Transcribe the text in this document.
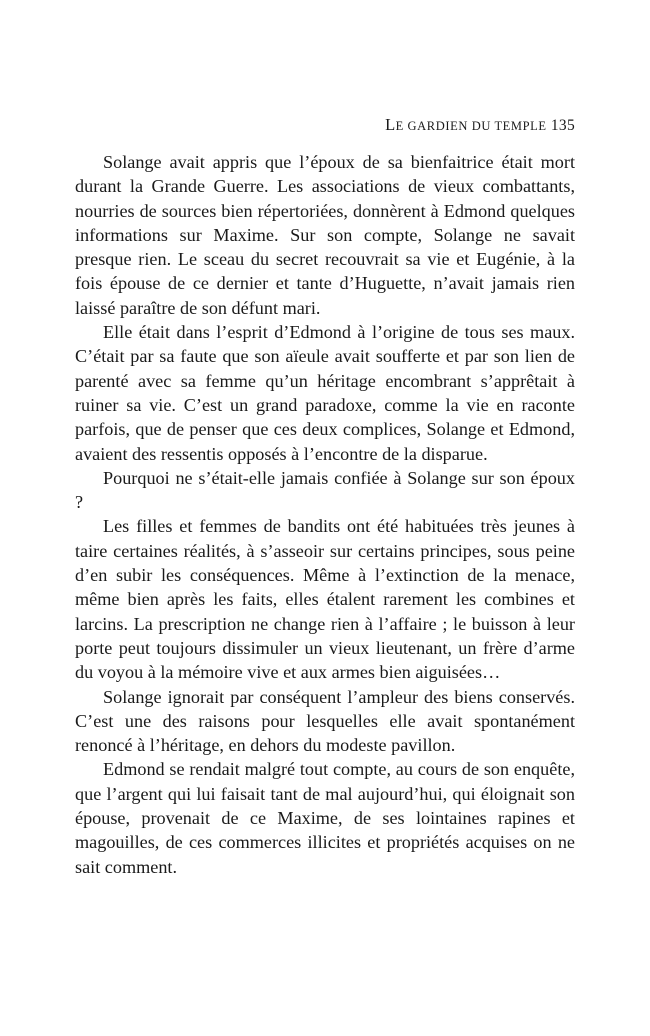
LE GARDIEN DU TEMPLE 135

Solange avait appris que l’époux de sa bienfaitrice était mort durant la Grande Guerre. Les associations de vieux combattants, nourries de sources bien répertoriées, donnèrent à Edmond quelques informations sur Maxime. Sur son compte, Solange ne savait presque rien. Le sceau du secret recouvrait sa vie et Eugénie, à la fois épouse de ce dernier et tante d’Huguette, n’avait jamais rien laissé paraître de son défunt mari.

Elle était dans l’esprit d’Edmond à l’origine de tous ses maux. C’était par sa faute que son aïeule avait soufferte et par son lien de parenté avec sa femme qu’un héritage encombrant s’apprêtait à ruiner sa vie. C’est un grand paradoxe, comme la vie en raconte parfois, que de penser que ces deux complices, Solange et Edmond, avaient des ressentis opposés à l’encontre de la disparue.

Pourquoi ne s’était-elle jamais confiée à Solange sur son époux ?

Les filles et femmes de bandits ont été habituées très jeunes à taire certaines réalités, à s’asseoir sur certains principes, sous peine d’en subir les conséquences. Même à l’extinction de la menace, même bien après les faits, elles étalent rarement les combines et larcins. La prescription ne change rien à l’affaire ; le buisson à leur porte peut toujours dissimuler un vieux lieutenant, un frère d’arme du voyou à la mémoire vive et aux armes bien aiguisées…

Solange ignorait par conséquent l’ampleur des biens conservés. C’est une des raisons pour lesquelles elle avait spontanément renoncé à l’héritage, en dehors du modeste pavillon.

Edmond se rendait malgré tout compte, au cours de son enquête, que l’argent qui lui faisait tant de mal aujourd’hui, qui éloignait son épouse, provenait de ce Maxime, de ses lointaines rapines et magouilles, de ces commerces illicites et propriétés acquises on ne sait comment.
